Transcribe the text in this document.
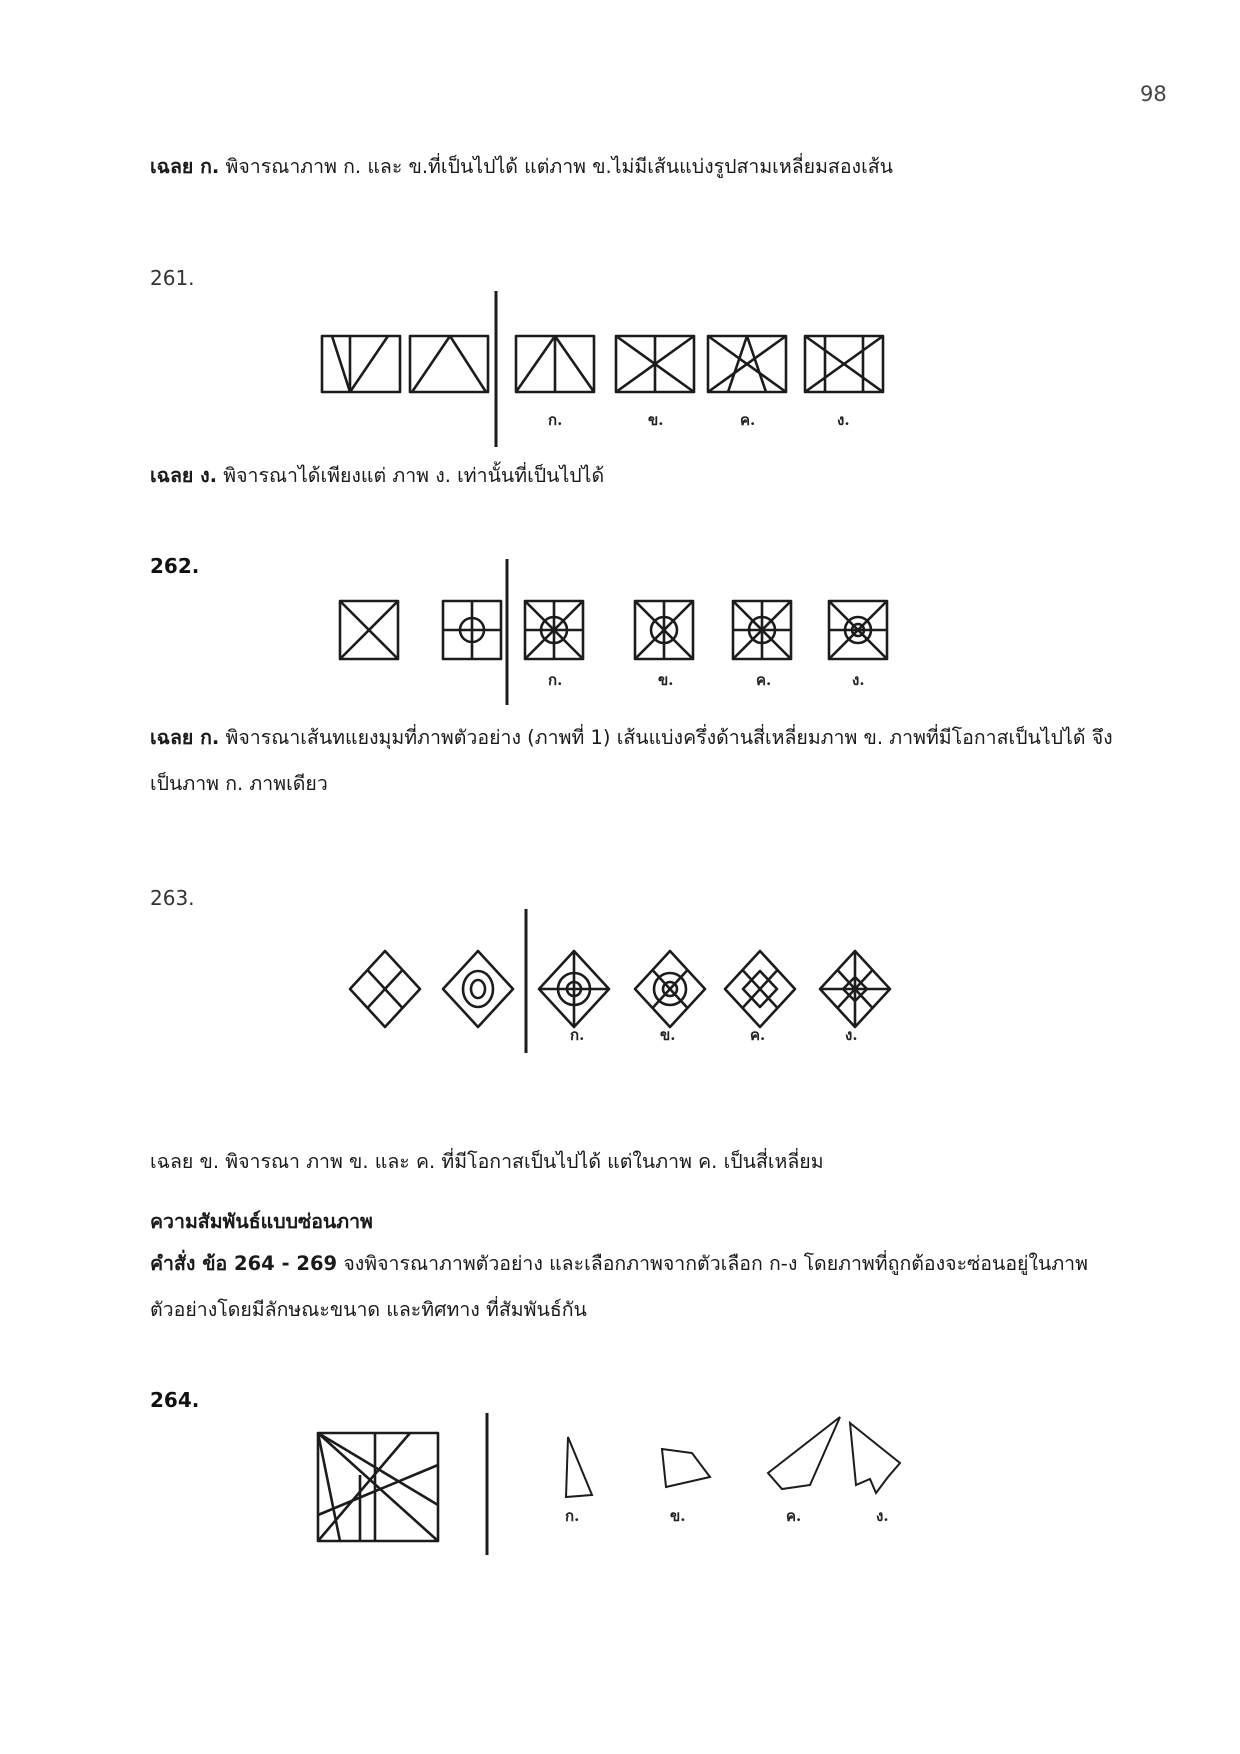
98
เฉลย ก. พิจารณาภาพ ก. และ ข.ที่เป็นไปได้ แต่ภาพ ข.ไม่มีเส้นแบ่งรูปสามเหลี่ยมสองเส้น
261.
ก.	ข.	ค.	ง.
เฉลย ง. พิจารณาได้เพียงแต่ ภาพ ง. เท่านั้นที่เป็นไปได้
262.
ก.	ข.	ค.	ง.
เฉลย ก. พิจารณาเส้นทแยงมุมที่ภาพตัวอย่าง (ภาพที่ 1) เส้นแบ่งครึ่งด้านสี่เหลี่ยมภาพ ข. ภาพที่มีโอกาสเป็นไปได้ จึง
เป็นภาพ ก. ภาพเดียว
263.
ก.	ข.	ค.	ง.
เฉลย ข. พิจารณา ภาพ ข. และ ค. ที่มีโอกาสเป็นไปได้ แต่ในภาพ ค. เป็นสี่เหลี่ยม
ความสัมพันธ์แบบซ่อนภาพ
คำสั่ง ข้อ 264 - 269 จงพิจารณาภาพตัวอย่าง และเลือกภาพจากตัวเลือก ก-ง โดยภาพที่ถูกต้องจะซ่อนอยู่ในภาพ
ตัวอย่างโดยมีลักษณะขนาด และทิศทาง ที่สัมพันธ์กัน
264.
ก.	ข.	ค.	ง.
